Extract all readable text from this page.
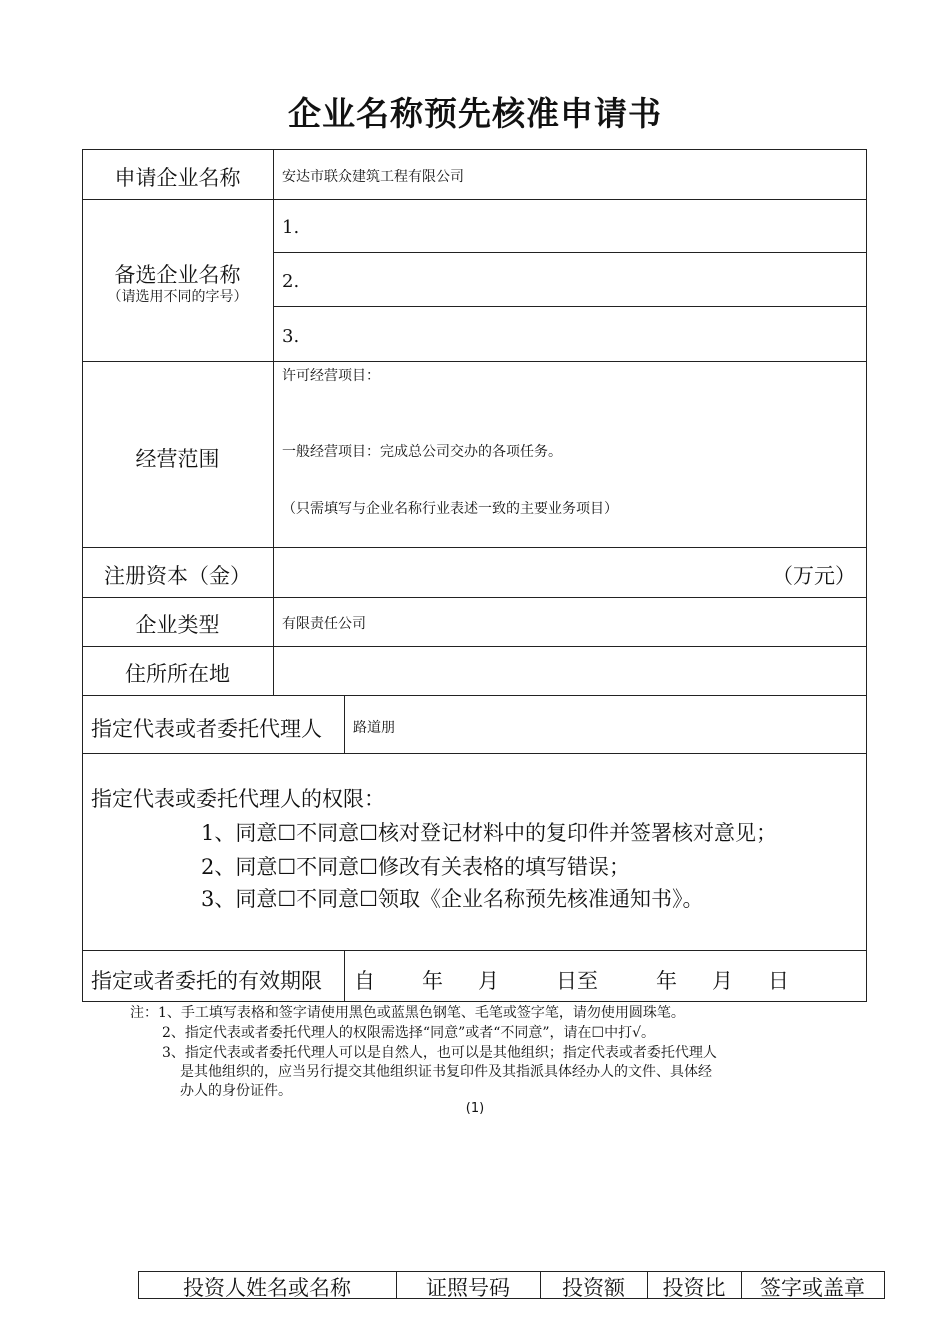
企业名称预先核准申请书
申请企业名称	安达市联众建筑工程有限公司
备选企业名称
（请选用不同的字号）
1.
2.
3.
经营范围
许可经营项目：
一般经营项目：完成总公司交办的各项任务。
（只需填写与企业名称行业表述一致的主要业务项目）
注册资本（金）	（万元）
企业类型	有限责任公司
住所所在地
指定代表或者委托代理人 路道朋
指定代表或委托代理人的权限：
1、同意☐不同意☐核对登记材料中的复印件并签署核对意见；
2、同意☐不同意☐修改有关表格的填写错误；
3、同意☐不同意☐领取《企业名称预先核准通知书》。
指定或者委托的有效期限 自 年 月	日至	年 月 日
注：1、手工填写表格和签字请使用黑色或蓝黑色钢笔、毛笔或签字笔，请勿使用圆珠笔。
2、指定代表或者委托代理人的权限需选择“同意”或者“不同意”，请在☐中打√。
3、指定代表或者委托代理人可以是自然人，也可以是其他组织；指定代表或者委托代理人
是其他组织的，应当另行提交其他组织证书复印件及其指派具体经办人的文件、具体经
办人的身份证件。
(1)
投资人姓名或名称	证照号码	投资额	投资比	签字或盖章
